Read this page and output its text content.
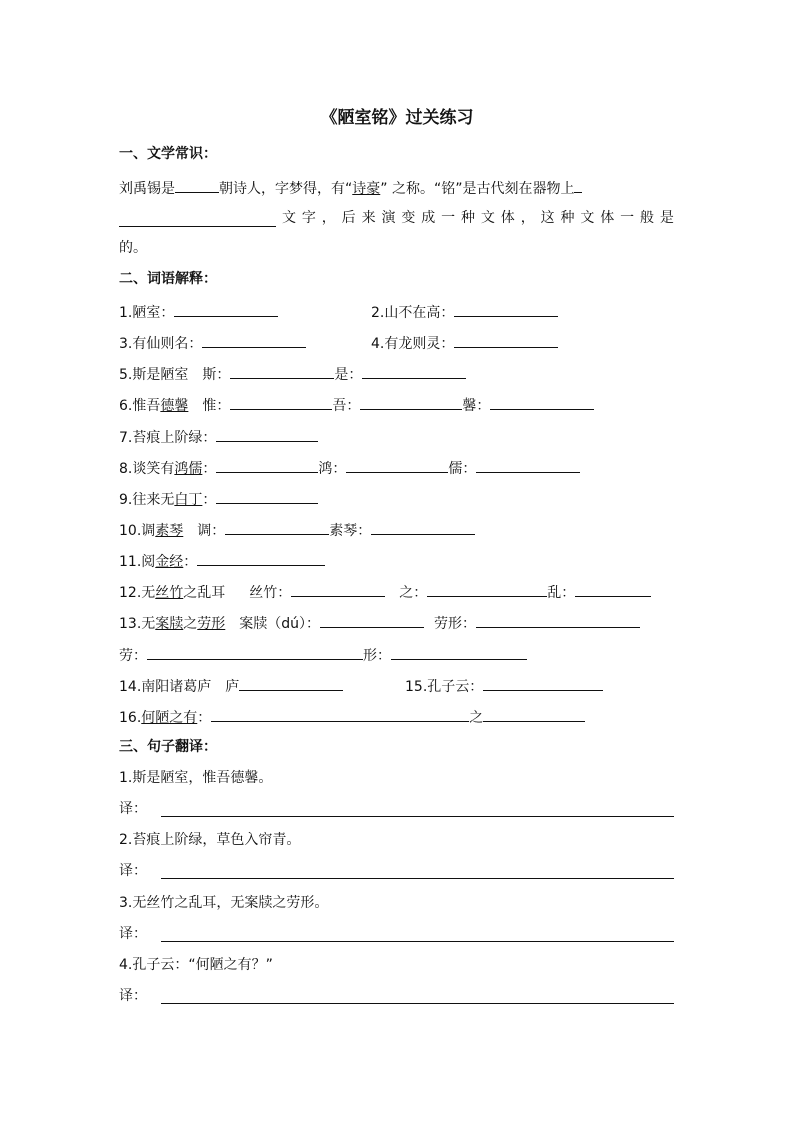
《陋室铭》过关练习
一、文学常识：
刘禹锡是	朝诗人，字梦得，有“诗豪” 之称。“铭”是古代刻在器物上
文 字 ， 后 来 演 变 成 一 种 文 体 ， 这 种 文 体 一 般 是
的。
二、词语解释：
1.陋室：	2.山不在高：
3.有仙则名：	4.有龙则灵：
5.斯是陋室　斯：	是：
6.惟吾德馨　惟：	吾：	馨：
7.苔痕上阶绿：
8.谈笑有鸿儒：	鸿：	儒：
9.往来无白丁：
10.调素琴　调：	素琴：
11.阅金经：
12.无丝竹之乱耳 丝竹：	之：	乱：
13.无案牍之劳形 案牍（dú）：	劳形：
劳：	形：
14.南阳诸葛庐　庐	15.孔子云：
16.何陋之有：	之
三、句子翻译：
1.斯是陋室，惟吾德馨。
译：
2.苔痕上阶绿，草色入帘青。
译：
3.无丝竹之乱耳，无案牍之劳形。
译：
4.孔子云：“何陋之有？”
译：
